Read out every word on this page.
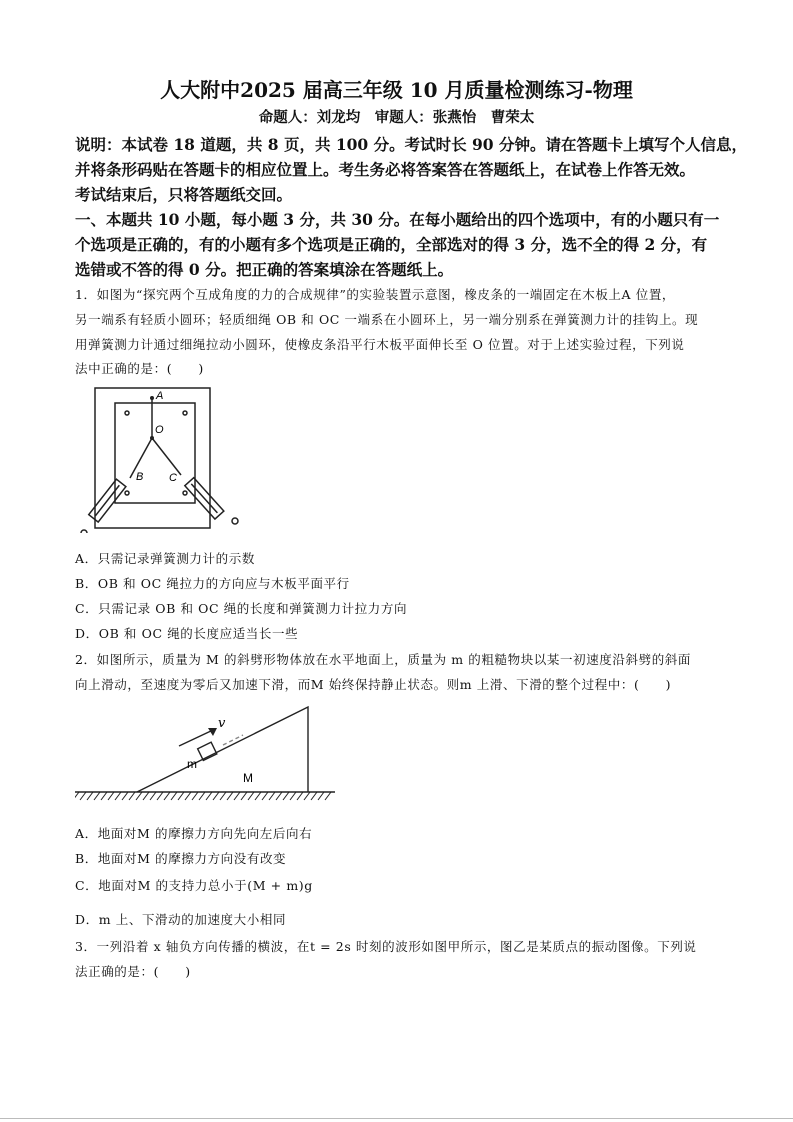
人大附中2025 届高三年级 10 月质量检测练习-物理
命题人：刘龙均　审题人：张燕怡　曹荣太
说明：本试卷 18 道题，共 8 页，共 100 分。考试时长 90 分钟。请在答题卡上填写个人信息，
并将条形码贴在答题卡的相应位置上。考生务必将答案答在答题纸上，在试卷上作答无效。
考试结束后，只将答题纸交回。
一、本题共 10 小题，每小题 3 分，共 30 分。在每小题给出的四个选项中，有的小题只有一
个选项是正确的，有的小题有多个选项是正确的，全部选对的得 3 分，选不全的得 2 分，有
选错或不答的得 0 分。把正确的答案填涂在答题纸上。
1．如图为“探究两个互成角度的力的合成规律”的实验装置示意图，橡皮条的一端固定在木板上A 位置，
另一端系有轻质小圆环；轻质细绳 OB 和 OC 一端系在小圆环上，另一端分别系在弹簧测力计的挂钩上。现
用弹簧测力计通过细绳拉动小圆环，使橡皮条沿平行木板平面伸长至 O 位置。对于上述实验过程，下列说
法中正确的是：(　　)
A
O
B C
A．只需记录弹簧测力计的示数
B．OB 和 OC 绳拉力的方向应与木板平面平行
C．只需记录 OB 和 OC 绳的长度和弹簧测力计拉力方向
D．OB 和 OC 绳的长度应适当长一些
2．如图所示，质量为 M 的斜劈形物体放在水平地面上，质量为 m 的粗糙物块以某一初速度沿斜劈的斜面
向上滑动，至速度为零后又加速下滑，而M 始终保持静止状态。则m 上滑、下滑的整个过程中：(　　)
v
m
M
A．地面对M 的摩擦力方向先向左后向右
B．地面对M 的摩擦力方向没有改变
C．地面对M 的支持力总小于(M + m)g
D．m 上、下滑动的加速度大小相同
3．一列沿着 x 轴负方向传播的横波，在t = 2s 时刻的波形如图甲所示，图乙是某质点的振动图像。下列说
法正确的是：(　　)
